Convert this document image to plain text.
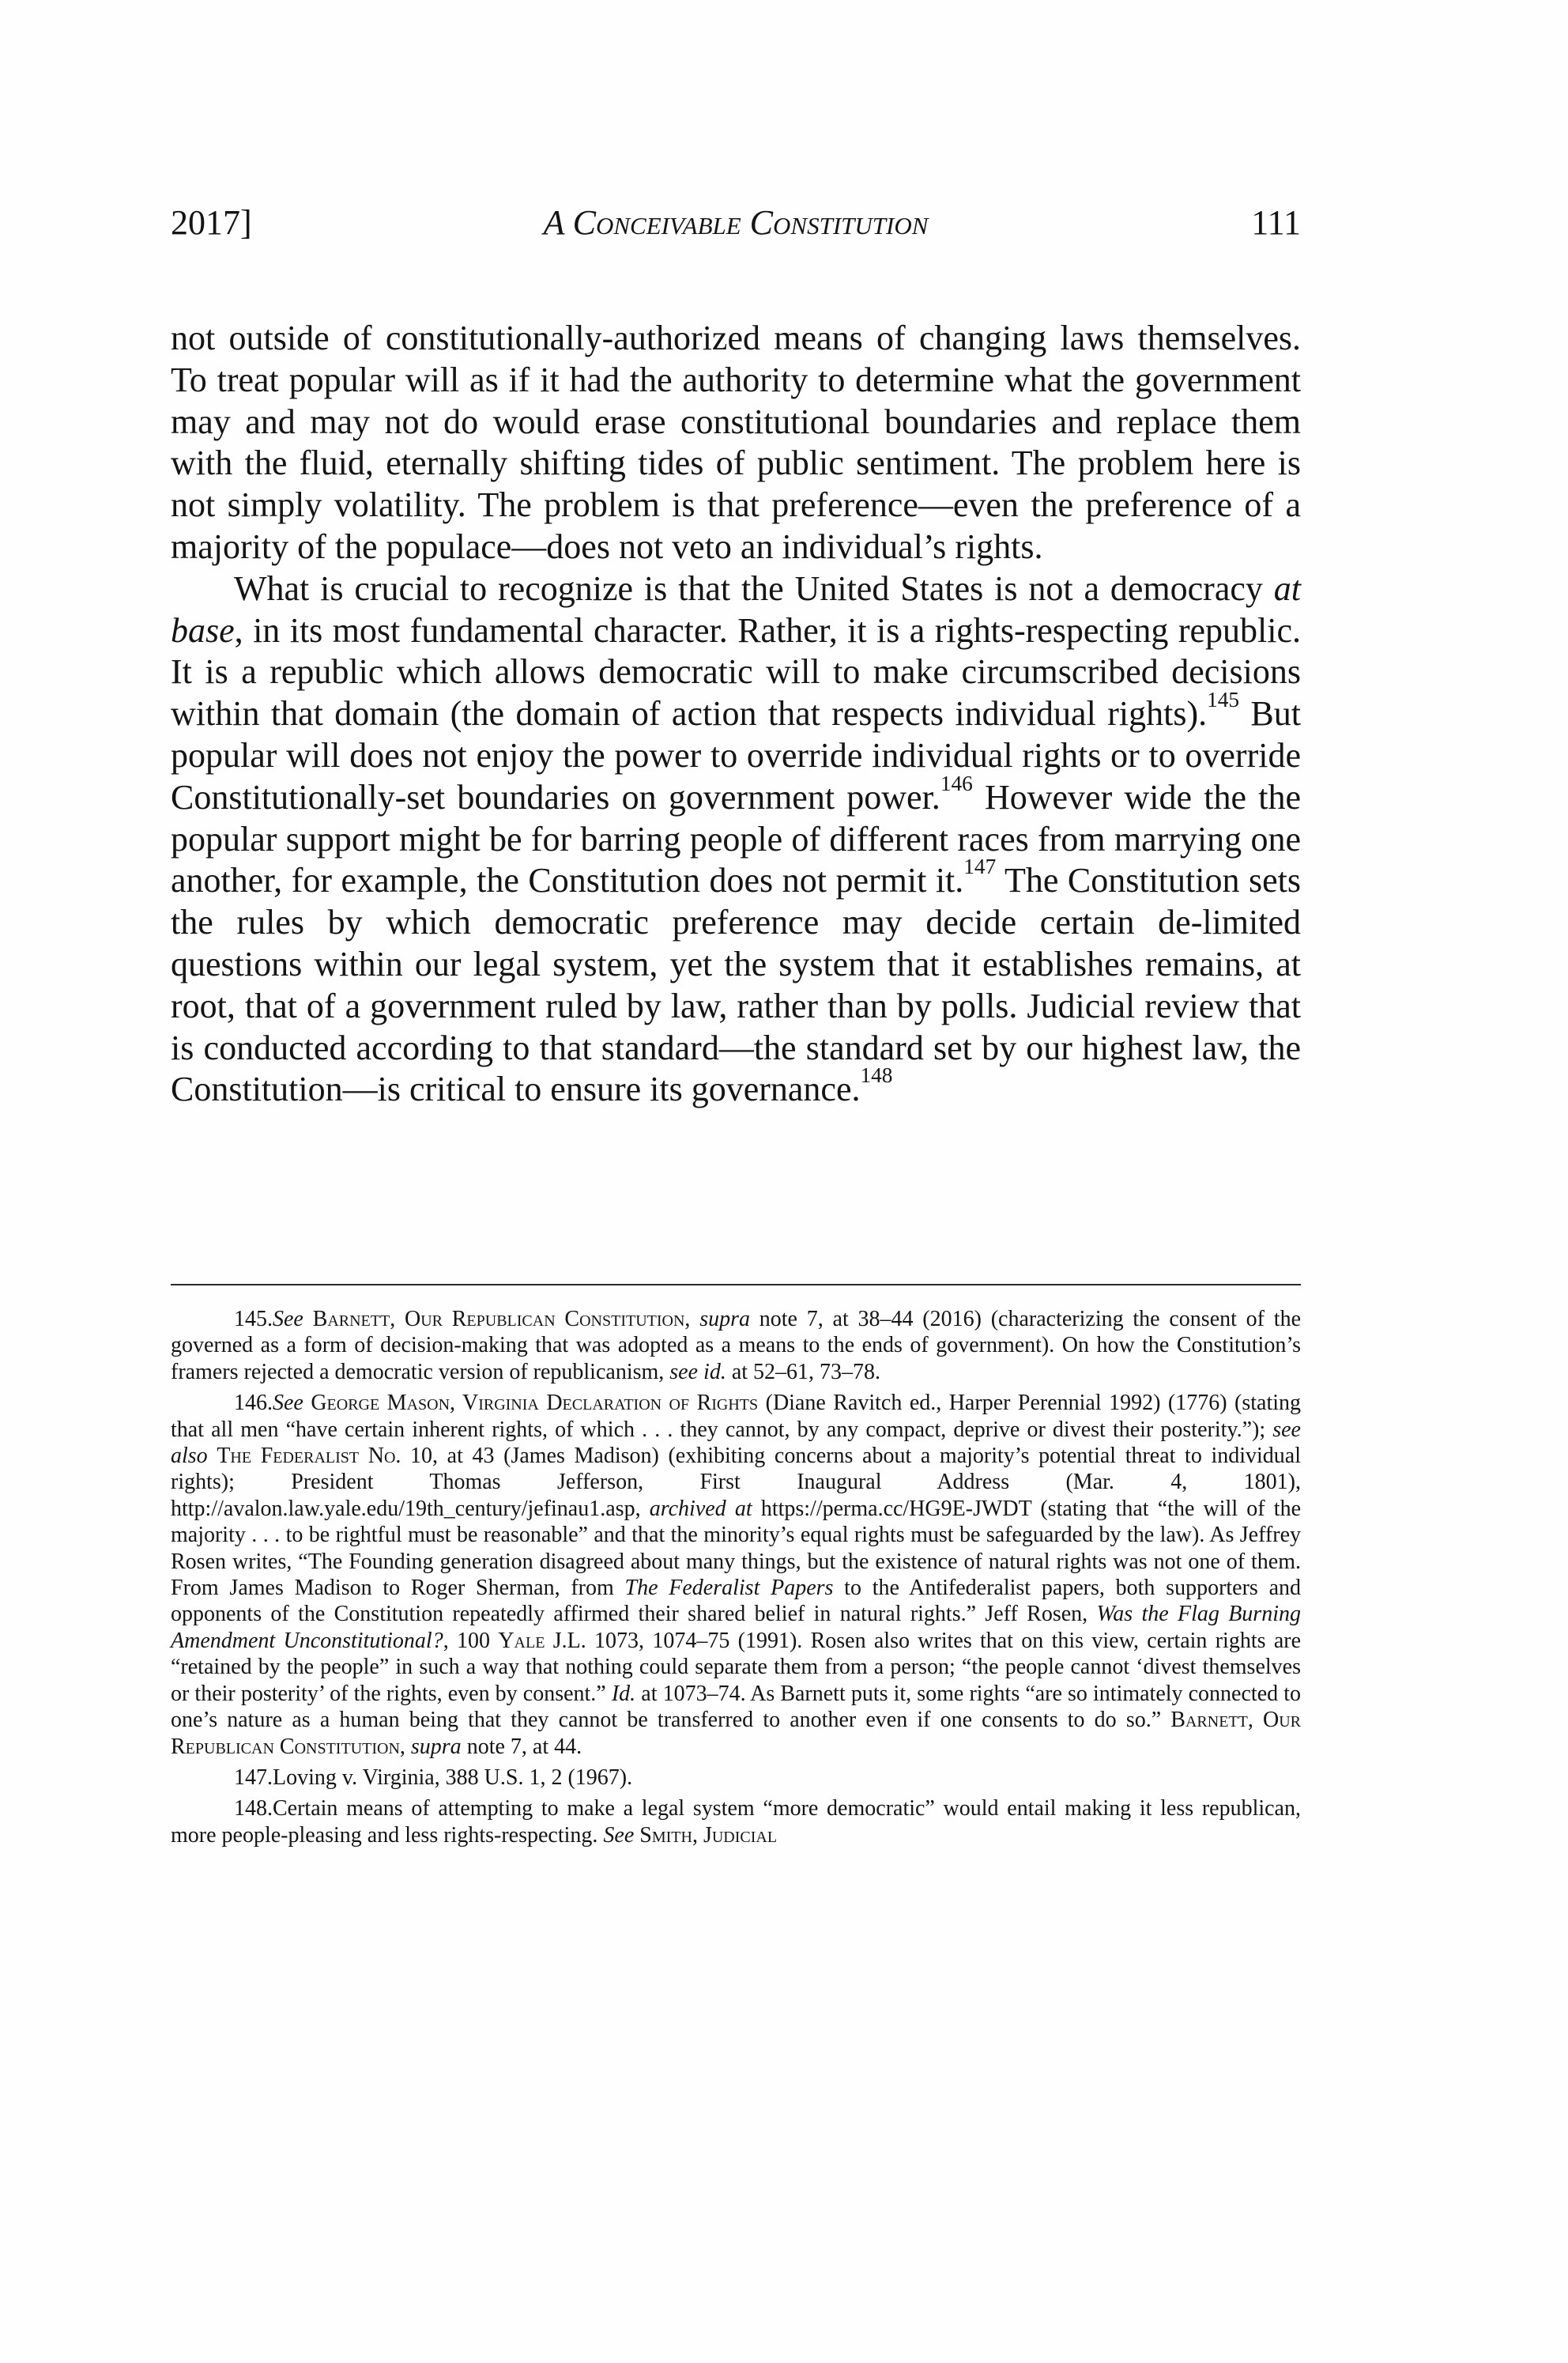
2017]	A Conceivable Constitution	111

not outside of constitutionally-authorized means of changing laws themselves. To treat popular will as if it had the authority to determine what the government may and may not do would erase constitutional boundaries and replace them with the fluid, eternally shifting tides of public sentiment. The problem here is not simply volatility. The problem is that preference—even the preference of a majority of the populace—does not veto an individual’s rights.

What is crucial to recognize is that the United States is not a democracy at base, in its most fundamental character. Rather, it is a rights-respecting republic. It is a republic which allows democratic will to make circumscribed decisions within that domain (the domain of action that respects individual rights).$^{145}$ But popular will does not enjoy the power to override individual rights or to override Constitutionally-set boundaries on government power.$^{146}$ However wide the the popular support might be for barring people of different races from marrying one another, for example, the Constitution does not permit it.$^{147}$ The Constitution sets the rules by which democratic preference may decide certain de-limited questions within our legal system, yet the system that it establishes remains, at root, that of a government ruled by law, rather than by polls. Judicial review that is conducted according to that standard—the standard set by our highest law, the Constitution—is critical to ensure its governance.$^{148}$

145.See Barnett, Our Republican Constitution, supra note 7, at 38–44 (2016) (characterizing the consent of the governed as a form of decision-making that was adopted as a means to the ends of government). On how the Constitution’s framers rejected a democratic version of republicanism, see id. at 52–61, 73–78.

146.See George Mason, Virginia Declaration of Rights (Diane Ravitch ed., Harper Perennial 1992) (1776) (stating that all men “have certain inherent rights, of which . . . they cannot, by any compact, deprive or divest their posterity.”); see also The Federalist No. 10, at 43 (James Madison) (exhibiting concerns about a majority’s potential threat to individual rights); President Thomas Jefferson, First Inaugural Address (Mar. 4, 1801), http://avalon.law.yale.edu/19th_century/jefinau1.asp, archived at https://perma.cc/HG9E-JWDT (stating that “the will of the majority . . . to be rightful must be reasonable” and that the minority’s equal rights must be safeguarded by the law). As Jeffrey Rosen writes, “The Founding generation disagreed about many things, but the existence of natural rights was not one of them. From James Madison to Roger Sherman, from The Federalist Papers to the Antifederalist papers, both supporters and opponents of the Constitution repeatedly affirmed their shared belief in natural rights.” Jeff Rosen, Was the Flag Burning Amendment Unconstitutional?, 100 Yale J.L. 1073, 1074–75 (1991). Rosen also writes that on this view, certain rights are “retained by the people” in such a way that nothing could separate them from a person; “the people cannot ‘divest themselves or their posterity’ of the rights, even by consent.” Id. at 1073–74. As Barnett puts it, some rights “are so intimately connected to one’s nature as a human being that they cannot be transferred to another even if one consents to do so.” Barnett, Our Republican Constitution, supra note 7, at 44.

147.Loving v. Virginia, 388 U.S. 1, 2 (1967).

148.Certain means of attempting to make a legal system “more democratic” would entail making it less republican, more people-pleasing and less rights-respecting. See Smith, Judicial
